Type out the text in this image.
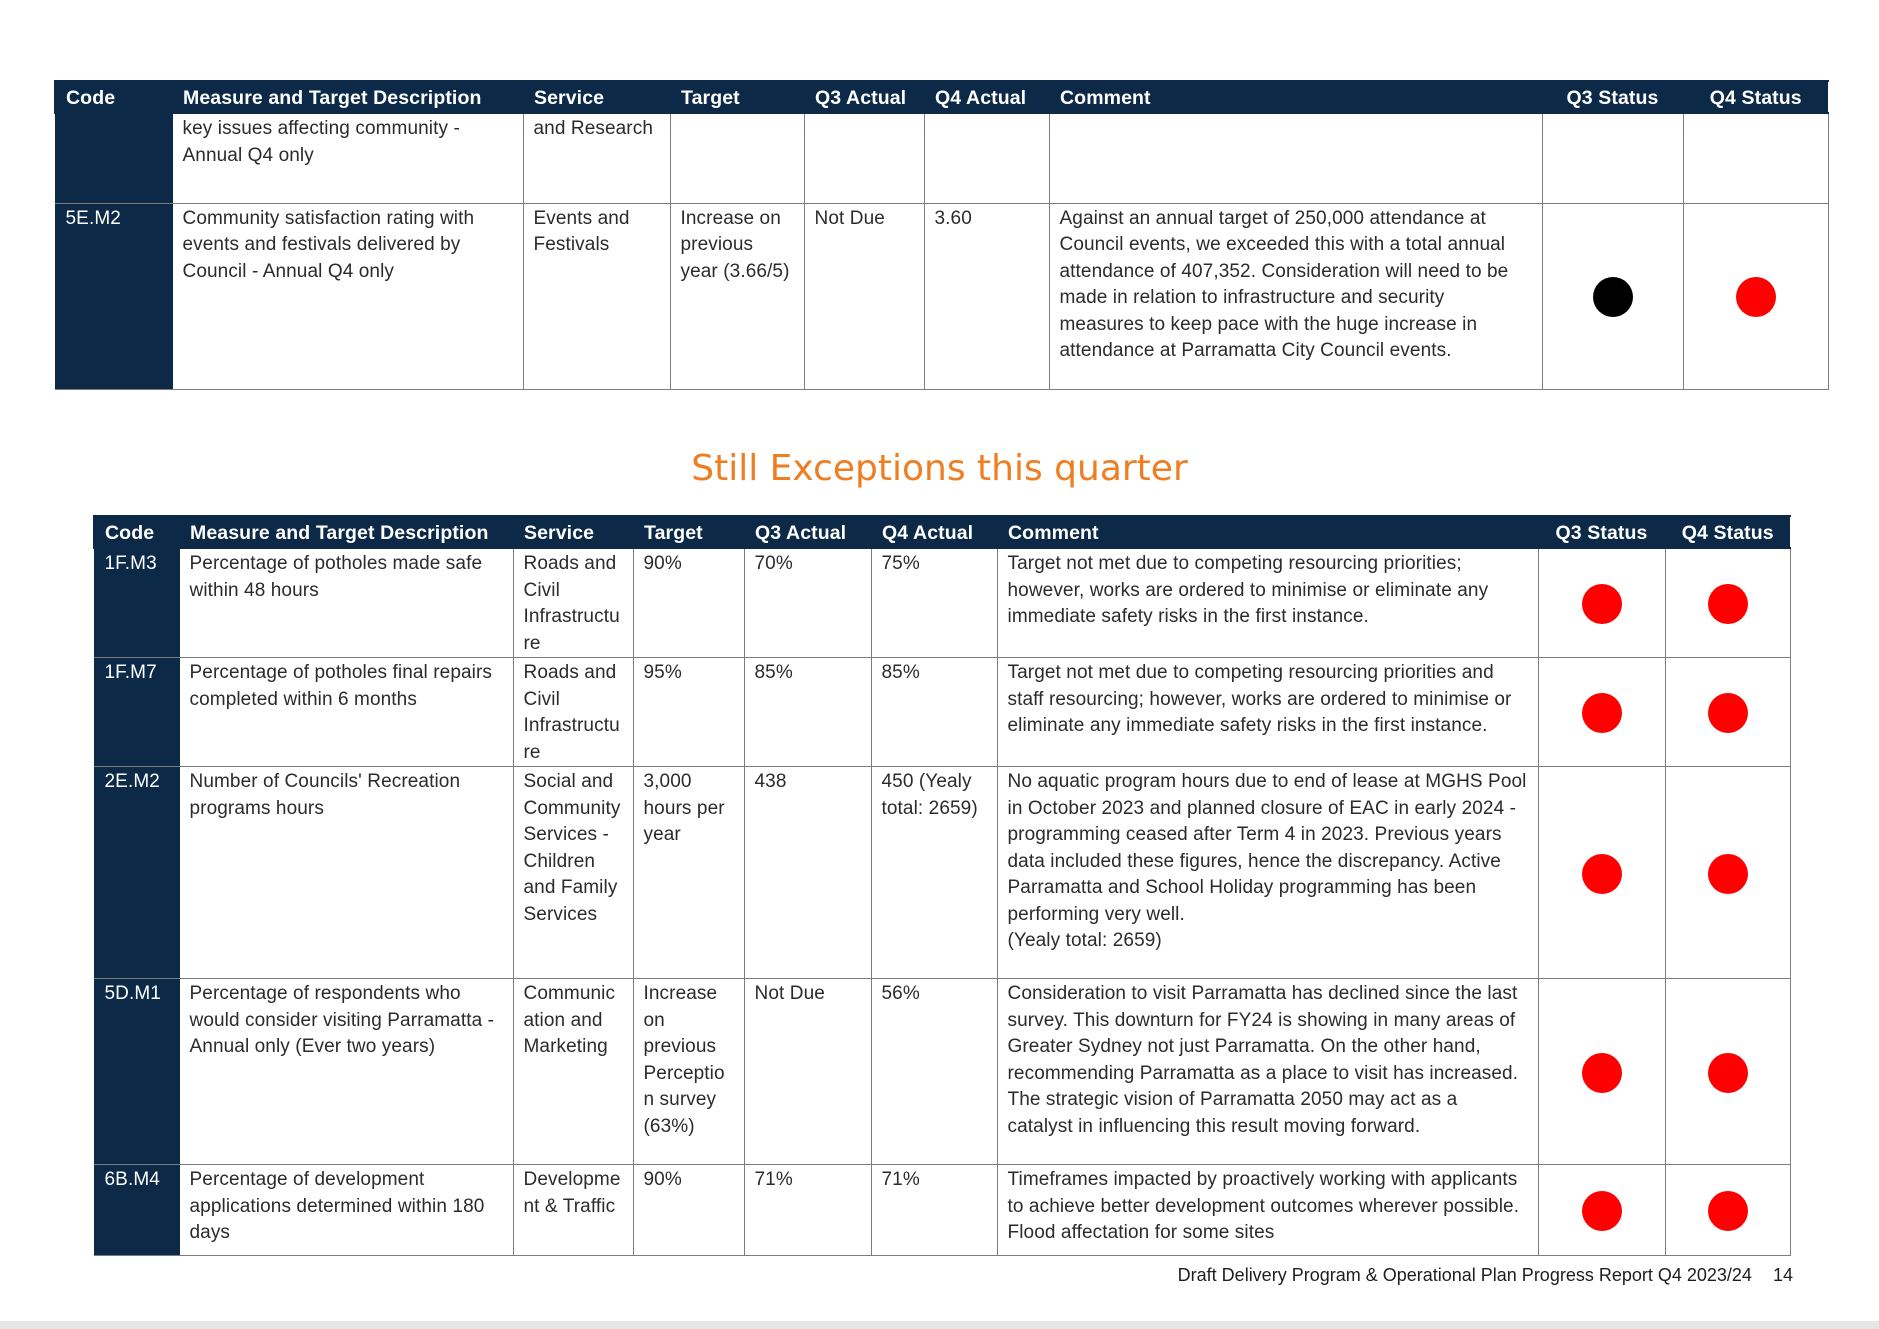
Code	Measure and Target Description	Service	Target	Q3 Actual	Q4 Actual	Comment	Q3 Status	Q4 Status
	key issues affecting community - Annual Q4 only	and Research						
5E.M2	Community satisfaction rating with events and festivals delivered by Council - Annual Q4 only	Events and Festivals	Increase on previous year (3.66/5)	Not Due	3.60	Against an annual target of 250,000 attendance at Council events, we exceeded this with a total annual attendance of 407,352. Consideration will need to be made in relation to infrastructure and security measures to keep pace with the huge increase in attendance at Parramatta City Council events.		
Still Exceptions this quarter
Code	Measure and Target Description	Service	Target	Q3 Actual	Q4 Actual	Comment	Q3 Status	Q4 Status
1F.M3	Percentage of potholes made safe within 48 hours	Roads and Civil Infrastructure	90%	70%	75%	Target not met due to competing resourcing priorities; however, works are ordered to minimise or eliminate any immediate safety risks in the first instance.		
1F.M7	Percentage of potholes final repairs completed within 6 months	Roads and Civil Infrastructure	95%	85%	85%	Target not met due to competing resourcing priorities and staff resourcing; however, works are ordered to minimise or eliminate any immediate safety risks in the first instance.		
2E.M2	Number of Councils' Recreation programs hours	Social and Community Services - Children and Family Services	3,000 hours per year	438	450 (Yealy total: 2659)	No aquatic program hours due to end of lease at MGHS Pool in October 2023 and planned closure of EAC in early 2024 - programming ceased after Term 4 in 2023. Previous years data included these figures, hence the discrepancy. Active Parramatta and School Holiday programming has been performing very well.
(Yealy total: 2659)		

5D.M1	Percentage of respondents who would consider visiting Parramatta - Annual only (Ever two years)	Communication and Marketing	Increase on previous Perception survey (63%)	Not Due	56%	Consideration to visit Parramatta has declined since the last survey. This downturn for FY24 is showing in many areas of Greater Sydney not just Parramatta. On the other hand, recommending Parramatta as a place to visit has increased. The strategic vision of Parramatta 2050 may act as a catalyst in influencing this result moving forward.		
6B.M4	Percentage of development applications determined within 180 days	Development & Traffic	90%	71%	71%	Timeframes impacted by proactively working with applicants to achieve better development outcomes wherever possible. Flood affectation for some sites		
Draft Delivery Program & Operational Plan Progress Report Q4 2023/24 14
